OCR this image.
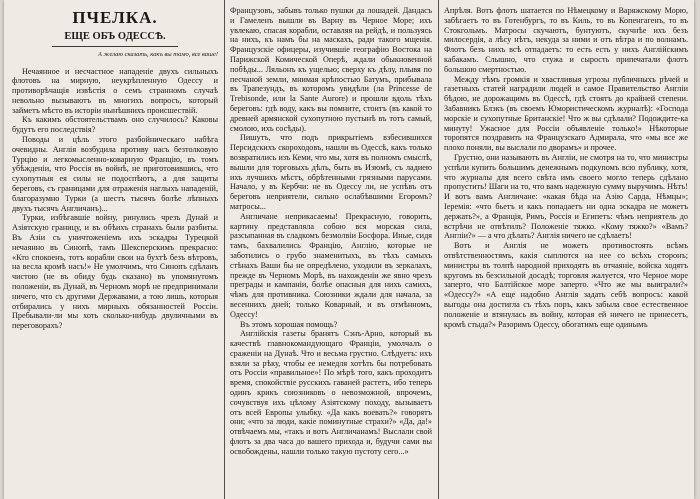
ПЧЕЛКА.
ЕЩЕ ОБЪ ОДЕССѢ.
А желаю сказать, какъ вы тамо, все ваше!

Нечаянное и несчастное нападеніе двухъ сильныхъ флотовъ на мирную, неукрѣпленную Одессу и противорѣчащія извѣстія о семъ странномъ случаѣ невольно вызываютъ въ многихъ вопросъ, который займетъ мѣсто въ исторіи нынѣшнихъ происшествій.

Къ какимъ обстоятельствамъ оно случилось? Каковы будутъ его последствія?

Поводы и цѣль этого разбойническаго набѣга очевидны. Англія возбудила противу насъ безтолковую Турцію и легкомысленно-коварную Францію, въ томъ убѣжденіи, что Россія въ войнѣ, не приготовившись, что сухопутныя ея силы не подоспѣютъ, а для защиты береговъ, съ границами для отраженія наглыхъ нападеній, благоразумно Турки (а шестъ тысячъ болѣе лѣпныхъ двухъ тысячъ Англичанъ)...

Турки, избѣгавшіе войну, ринулись чрезъ Дунай и Азіятскую границу, и въ обѣихъ странахъ были разбиты. Въ Азіи съ уничтоженіемъ ихъ эскадры Турецкой нечаянно въ Синопѣ, тамъ Шексперскимъ прекрасно: «Кто спокоенъ, тотъ корабли свои на бухтѣ безъ вѣтровъ, на весла кромѣ насъ!» Не умолчимъ, что Синопъ сдѣланъ чистою (не въ обиду будь сказано) въ упомянутомъ положеніи, въ Дунай, въ Черномъ морѣ не предпринимали ничего, что съ другими Державами, а тою лишь, которыя отбирались у нихъ мирныхъ обязанностей Россіи. Пребывали-ли мы хоть сколько-нибудь двуличными въ переговорахъ?

Французовъ, забывъ только пушки да лошадей. Дандасъ и Гамеленъ вышли въ Варну въ Черное Море; ихъ увлекаю, спасая корабли, оставляя на рейдѣ, и пользуясь на нихъ, къ намъ бы на маскахъ, ради такого мщенія. Французскіе офицеры, изучившіе географію Востока на Парижской Комической Оперѣ, ждали обыкновенной побѣды... Ляльонъ къ ущелью; сверху къ дѣлу, плывя по песчаной земли, мнимая крѣпостью Батумъ, прибывала въ Трапезундъ, въ которомъ увидѣли (ла Princesse de Trebisonde, или la Sante Aurore) и прошли вдоль тѣхъ береговъ: гдѣ воду, какъ вы помните, стоитъ (въ какой то древней армянской сухопутною пустынѣ въ тотъ самый, смолою, ихъ сосѣды).

Пишутъ, что подъ прикрытіемъ взбесившихся Персидскихъ скороходовъ, нашли въ Одессѣ, какъ только возвратились изъ Кеми, что мы, хотя въ полномъ смыслѣ, вышли для торговыхъ дѣлъ, быть въ Изюмѣ, съ ладиею ихъ лучшихъ мѣстъ, обрѣтенными грязными парусами. Начало, у въ Кербчи: не въ Одессу ли, не успѣвъ отъ береговъ неприятели, сильно ослабѣвшими Егоромъ? матросы...

Англичане неприкасаемы! Прекрасную, говорить, картину представляла собою вся морская сила, разсыпанная въ сладкомъ безмолвіи Босфора. Иные, сидя тамъ, бахвалились Францію, Англію, которые не заботились о грубо знаменитыхъ, въ тѣхъ самыхъ стѣнахъ Ваши бы не опредѣлено, уходили въ зеркалахъ, прежде въ Черномъ Морѣ, въ нахожденіи же явно чрезъ преграды и кампаніи, болѣе опасныя для нихъ самихъ, чѣмъ для противника. Союзники ждали для начала, за весеннихъ дней; только Коварный, и въ отмѣнномъ, Одессу!

Въ этомъ хорошая помощь?

Англійскія газеты бранятъ Сэнъ-Арно, который въ качествѣ главнокомандующаго Франціи, умолчалъ о сраженіи на Дунаѣ. Что и весьма грустно. Слѣдуетъ: ихъ взяли за рѣку, чтобы ее немедля хотѣть бы потребовать отъ Россіи «правильное»! По мѣрѣ того, какъ проходитъ время, спокойствіе русскихъ гаваней растетъ, ибо теперь одинъ крикъ союзниковъ о невозможной, впрочемъ, сочувствуя ихъ цѣлому Азіятскому походу, вызываетъ отъ всей Европы улыбку. «Да какъ воевать?» говорятъ они; «что за люди, какіе поминутные страхи?» «Да, да!» отвѣчаемъ мы, «такъ и вотъ Англичанамъ! Выслали свой флотъ за два часа до вашего прихода и, будучи сами вы освобождены, нашли только такую пустоту сего...»

Апрѣля. Вотъ флотъ шатается по Нѣмецкому и Варяжскому Морю, забѣгаетъ то въ Готенбургъ, то въ Киль, то въ Копенгагенъ, то въ Стокгольмъ. Матросы скучаютъ, бунтуютъ, скучнѣе ихъ безъ милосердія, а лѣсу нѣтъ, некуда за ними и отъ вѣтра и по волнамъ. Флотъ безъ нихъ всѣ отпадаетъ: то есть есть у нихъ Англійскимъ кабакамъ. Слышно, что стужа и сырость припечатали флотъ большою смертностью.

Между тѣмъ громкія и хвастливыя угрозы публичныхъ рѣчей и газетныхъ статей наградили людей и самое Правительство Англіи бѣдою, не дорожащимъ въ Одессѣ, гдѣ стоятъ до крайней степени. Забавникъ Блэкъ (въ своемъ Юмористическомъ журналѣ): «Господа морскіе и сухопутные Британскіе! Что ж вы сдѣлали? Подождите-ка минуту! Ужасное для Россіи объявленіе только!» Нѣкоторые торопятся поздравить на Французскаго Адмирала, что «мы все же плохо поняли, вы выслали по дворамъ» и прочее.

Грустно, они называютъ въ Англіи, не смотря на то, что министры успѣли купить большимъ денежнымъ подкупомъ всю публику, хотя, что журналы для всего свѣта имъ своего могло теперь сдѣлано пропустить! Шаги на то, что вамъ надежную сумму выручимъ. Нѣтъ! И вотъ вамъ Англичане: «какая бѣда на Азію Сарда, Нѣмцы»; Іеремія: «что бьетъ и какъ попадаетъ ни одна эскадра не можетъ держать?», а Франція, Римъ, Россія и Египетъ: чѣмъ неприятель до встрѣчи не отвѣтилъ? Положеніе тяжко. «Кому тяжко?» «Вамъ? Англіи?» — а что дѣлать? Англія ничего не сдѣлаетъ!

Вотъ и Англія не можетъ противостоять всѣмъ отвѣтственностямъ, какія сыплются на нее со всѣхъ сторонъ; министры въ толпѣ народной приходятъ въ отчаяніе, войска ходятъ кругомъ въ безсильной досадѣ; торговля жалуется, что Черное море заперто, что Балтійское море заперто. «Что же мы выиграли?» «Одессу?» «А еще надобно Англія задать себѣ вопросъ: какой выгоды она достигла съ тѣхъ поръ, какъ забыла свое естественное положеніе и втянулась въ войну, которая ей ничего не принесетъ, кромѣ стыда?» Разоримъ Одессу, обогатимъ еще одинымъ
